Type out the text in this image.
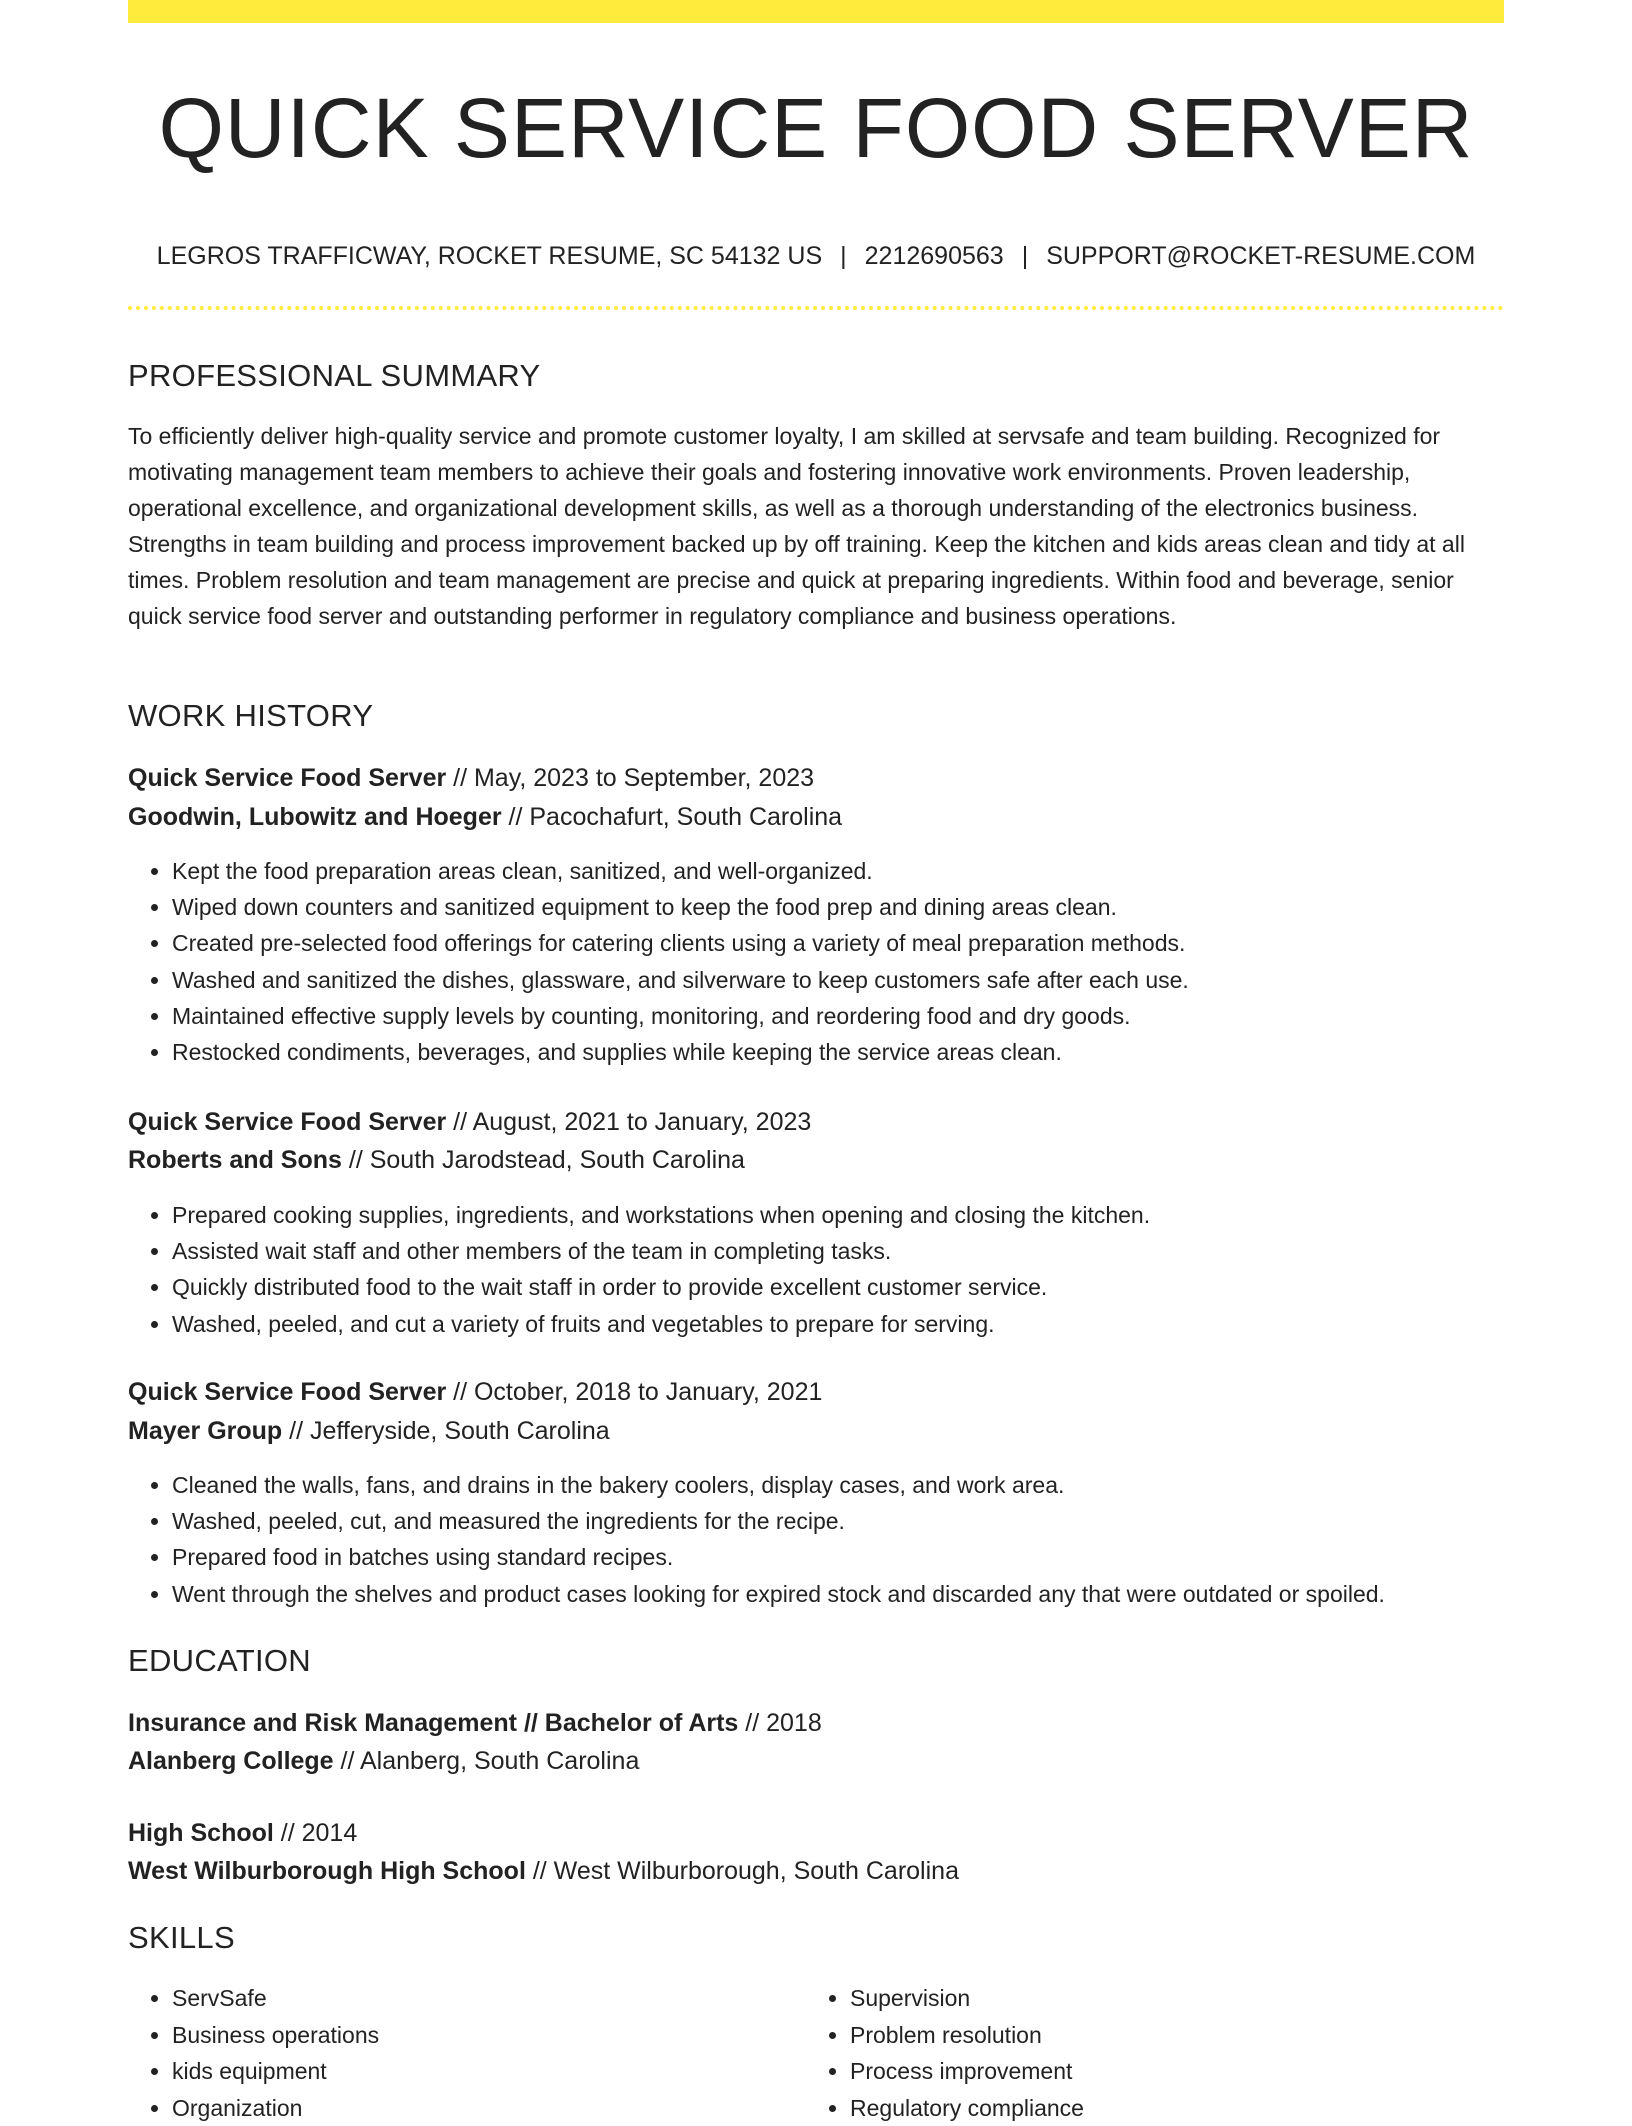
QUICK SERVICE FOOD SERVER
LEGROS TRAFFICWAY, ROCKET RESUME, SC 54132 US | 2212690563 | SUPPORT@ROCKET-RESUME.COM
PROFESSIONAL SUMMARY
To efficiently deliver high-quality service and promote customer loyalty, I am skilled at servsafe and team building. Recognized for motivating management team members to achieve their goals and fostering innovative work environments. Proven leadership, operational excellence, and organizational development skills, as well as a thorough understanding of the electronics business. Strengths in team building and process improvement backed up by off training. Keep the kitchen and kids areas clean and tidy at all times. Problem resolution and team management are precise and quick at preparing ingredients. Within food and beverage, senior quick service food server and outstanding performer in regulatory compliance and business operations.
WORK HISTORY
Quick Service Food Server // May, 2023 to September, 2023
Goodwin, Lubowitz and Hoeger // Pacochafurt, South Carolina
• Kept the food preparation areas clean, sanitized, and well-organized.
• Wiped down counters and sanitized equipment to keep the food prep and dining areas clean.
• Created pre-selected food offerings for catering clients using a variety of meal preparation methods.
• Washed and sanitized the dishes, glassware, and silverware to keep customers safe after each use.
• Maintained effective supply levels by counting, monitoring, and reordering food and dry goods.
• Restocked condiments, beverages, and supplies while keeping the service areas clean.
Quick Service Food Server // August, 2021 to January, 2023
Roberts and Sons // South Jarodstead, South Carolina
• Prepared cooking supplies, ingredients, and workstations when opening and closing the kitchen.
• Assisted wait staff and other members of the team in completing tasks.
• Quickly distributed food to the wait staff in order to provide excellent customer service.
• Washed, peeled, and cut a variety of fruits and vegetables to prepare for serving.
Quick Service Food Server // October, 2018 to January, 2021
Mayer Group // Jefferyside, South Carolina
• Cleaned the walls, fans, and drains in the bakery coolers, display cases, and work area.
• Washed, peeled, cut, and measured the ingredients for the recipe.
• Prepared food in batches using standard recipes.
• Went through the shelves and product cases looking for expired stock and discarded any that were outdated or spoiled.
EDUCATION
Insurance and Risk Management // Bachelor of Arts // 2018
Alanberg College // Alanberg, South Carolina
High School // 2014
West Wilburborough High School // West Wilburborough, South Carolina
SKILLS
• ServSafe
• Business operations
• kids equipment
• Organization
• Supervision
• Problem resolution
• Process improvement
• Regulatory compliance
